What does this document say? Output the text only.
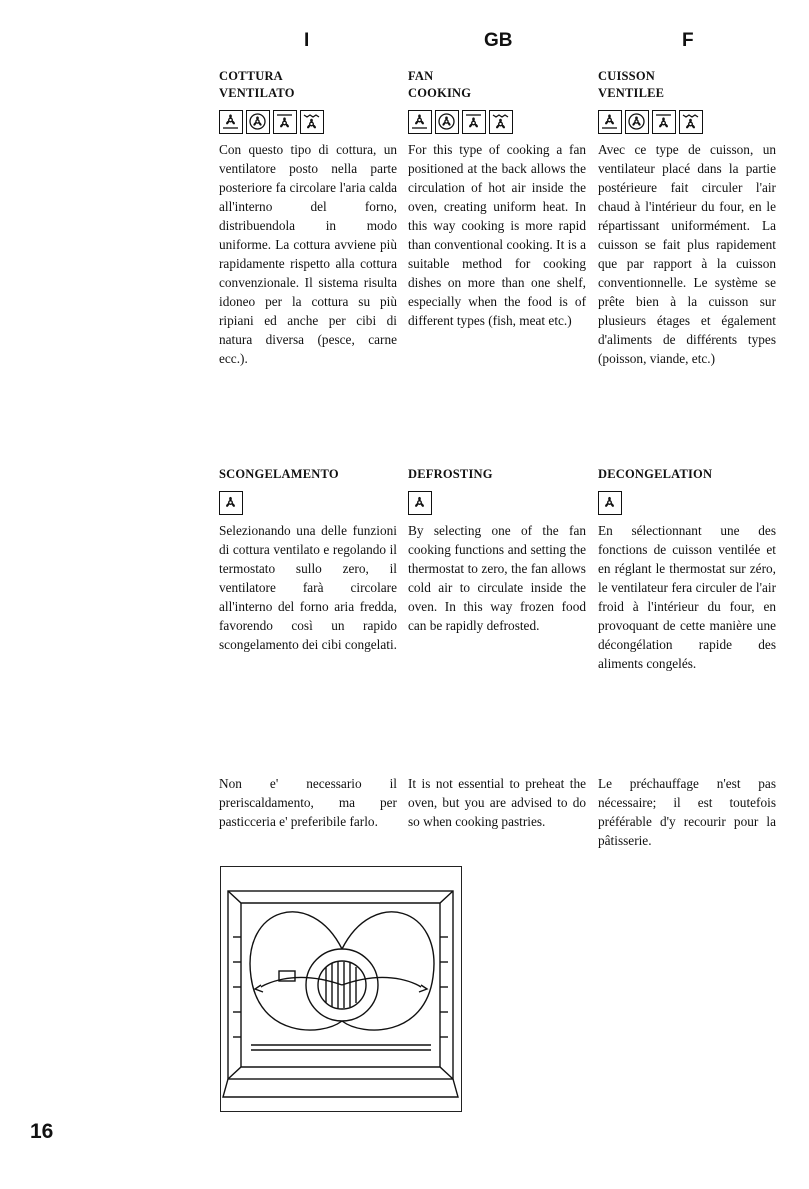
I	GB	F
COTTURA
VENTILATO
Con questo tipo di cottura, un ventilatore posto nella parte posteriore fa circolare l'aria calda all'interno del forno, distribuendola in modo uniforme. La cottura avviene più rapidamente rispetto alla cottura convenzionale. Il sistema risulta idoneo per la cottura su più ripiani ed anche per cibi di natura diversa (pesce, carne ecc.).
FAN
COOKING
For this type of cooking a fan positioned at the back allows the circulation of hot air inside the oven, creating uniform heat. In this way cooking is more rapid than conventional cooking. It is a suitable method for cooking dishes on more than one shelf, especially when the food is of different types (fish, meat etc.)
CUISSON
VENTILEE
Avec ce type de cuisson, un ventilateur placé dans la partie postérieure fait circuler l'air chaud à l'intérieur du four, en le répartissant uniformément. La cuisson se fait plus rapidement que par rapport à la cuisson conventionnelle. Le système se prête bien à la cuisson sur plusieurs étages et également d'aliments de différents types (poisson, viande, etc.)
SCONGELAMENTO
Selezionando una delle funzioni di cottura ventilato e regolando il termostato sullo zero, il ventilatore farà circolare all'interno del forno aria fredda, favorendo così un rapido scongelamento dei cibi congelati.
DEFROSTING
By selecting one of the fan cooking functions and setting the thermostat to zero, the fan allows cold air to circulate inside the oven. In this way frozen food can be rapidly defrosted.
DECONGELATION
En sélectionnant une des fonctions de cuisson ventilée et en réglant le thermostat sur zéro, le ventilateur fera circuler de l'air froid à l'intérieur du four, en provoquant de cette manière une décongélation rapide des aliments congelés.
Non e' necessario il preriscaldamento, ma per pasticceria e' preferibile farlo.
It is not essential to preheat the oven, but you are advised to do so when cooking pastries.
Le préchauffage n'est pas nécessaire; il est toutefois préférable d'y recourir pour la pâtisserie.
16
